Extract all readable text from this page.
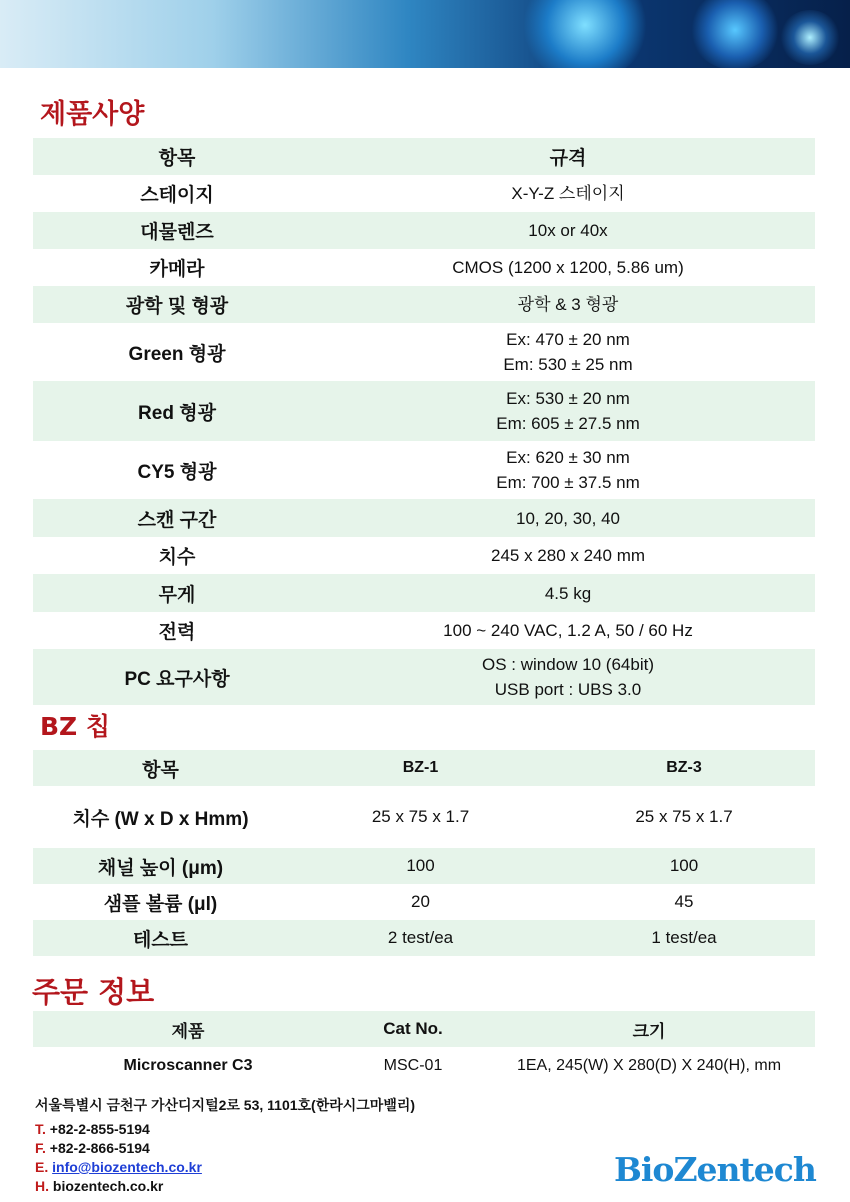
제품사양
항목	규격
스테이지	X-Y-Z 스테이지
대물렌즈	10x or 40x
카메라	CMOS (1200 x 1200, 5.86 um)
광학 및 형광	광학 & 3 형광
Green 형광	Ex: 470 ± 20 nm
Em: 530 ± 25 nm

Red 형광	Ex: 530 ± 20 nm
Em: 605 ± 27.5 nm

CY5 형광	Ex: 620 ± 30 nm
Em: 700 ± 37.5 nm

스캔 구간	10, 20, 30, 40
치수	245 x 280 x 240 mm
무게	4.5 kg
전력	100 ~ 240 VAC, 1.2 A, 50 / 60 Hz
PC 요구사항	OS : window 10 (64bit)
USB port : UBS 3.0
BZ 칩
항목	BZ-1	BZ-3
치수 (W x D x Hmm)	25 x 75 x 1.7	25 x 75 x 1.7
채널 높이 (μm)	100	100
샘플 볼륨 (μl)	20	45
테스트	2 test/ea	1 test/ea
주문 정보
제품	Cat No.	크기
Microscanner C3	MSC-01	1EA, 245(W) X 280(D) X 240(H), mm
서울특별시 금천구 가산디지털2로 53, 1101호(한라시그마밸리)
T. +82-2-855-5194
F. +82-2-866-5194
E. info@biozentech.co.kr
H. biozentech.co.kr	BioZentech
